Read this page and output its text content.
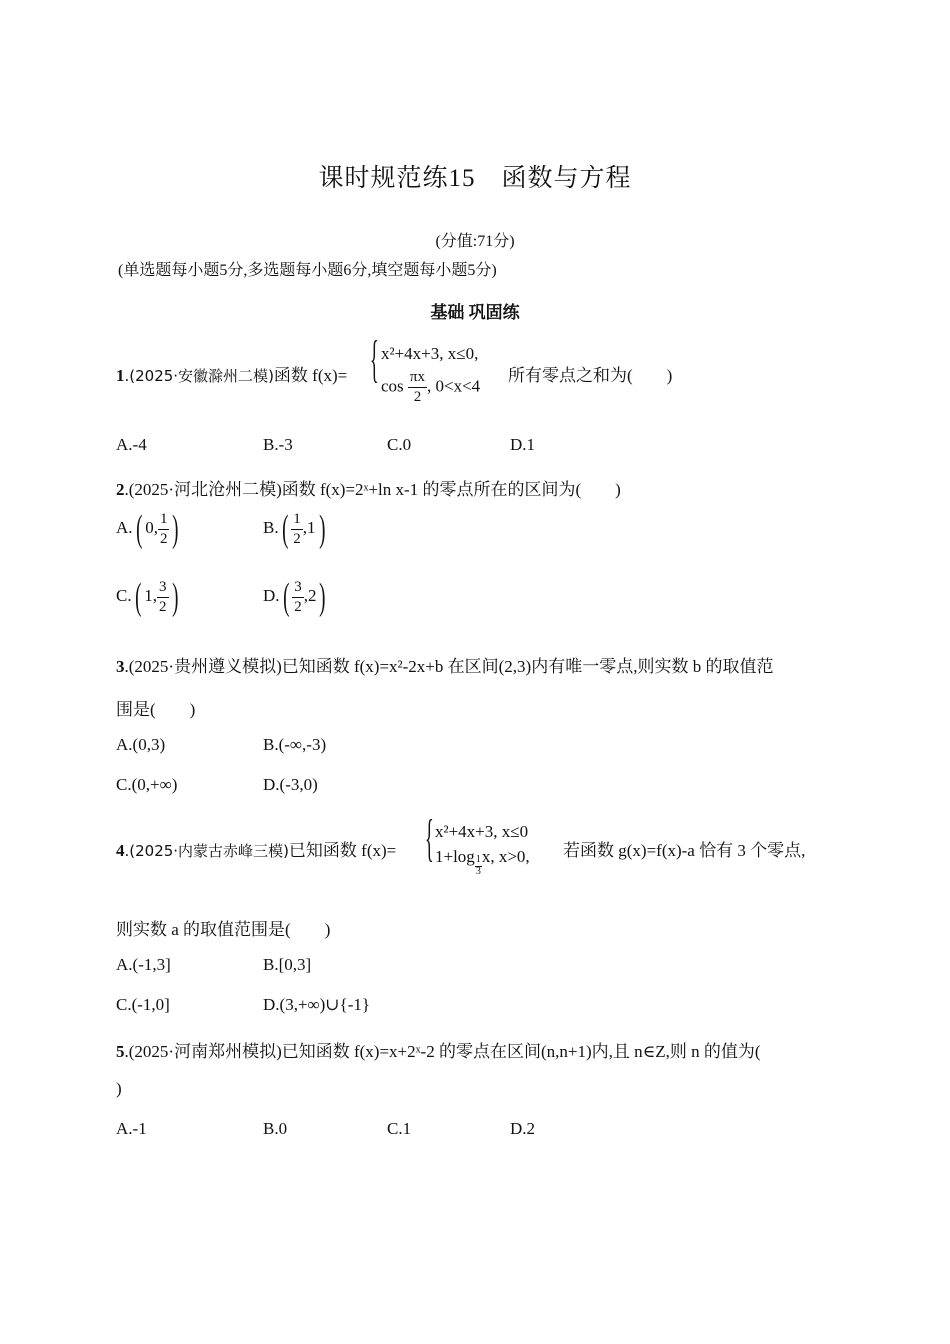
课时规范练15　函数与方程
(分值:71分)
(单选题每小题5分,多选题每小题6分,填空题每小题5分)
基础 巩固练
1.(2025·安徽滁州二模)函数 f(x)= { x²+4x+3, x≤0,
$\cos \frac{\pi x}{2}$ , 0<x<4
所有零点之和为(　　)
A.-4	B.-3	C.0	D.1
2.(2025·河北沧州二模)函数 f(x)=2ˣ+ln x-1 的零点所在的区间为(　　)
A.( 0, $\frac{1}{2}$ )	$B.( \frac{1}{2} ,1)$
C.( 1, $\frac{3}{2}$ )	$D.( \frac{3}{2} ,2)$
3.(2025·贵州遵义模拟)已知函数 f(x)=x²-2x+b 在区间(2,3)内有唯一零点,则实数 b 的取值范
围是(　　)
A.(0,3)	B.(-∞,-3)
C.(0,+∞)	D.(-3,0)
4.(2025·内蒙古赤峰三模)已知函数 f(x)= { x²+4x+3, x≤0
$1+\log \frac{1}{3}x$, x>0, 若函数 g(x)=f(x)-a 恰有 3 个零点,
则实数 a 的取值范围是(　　)
A.(-1,3]	B.[0,3]
C.(-1,0]	D.(3,+∞)∪{-1}
5.(2025·河南郑州模拟)已知函数 f(x)=x+2ˣ-2 的零点在区间(n,n+1)内,且 n∈Z,则 n 的值为(
)
A.-1	B.0	C.1	D.2
